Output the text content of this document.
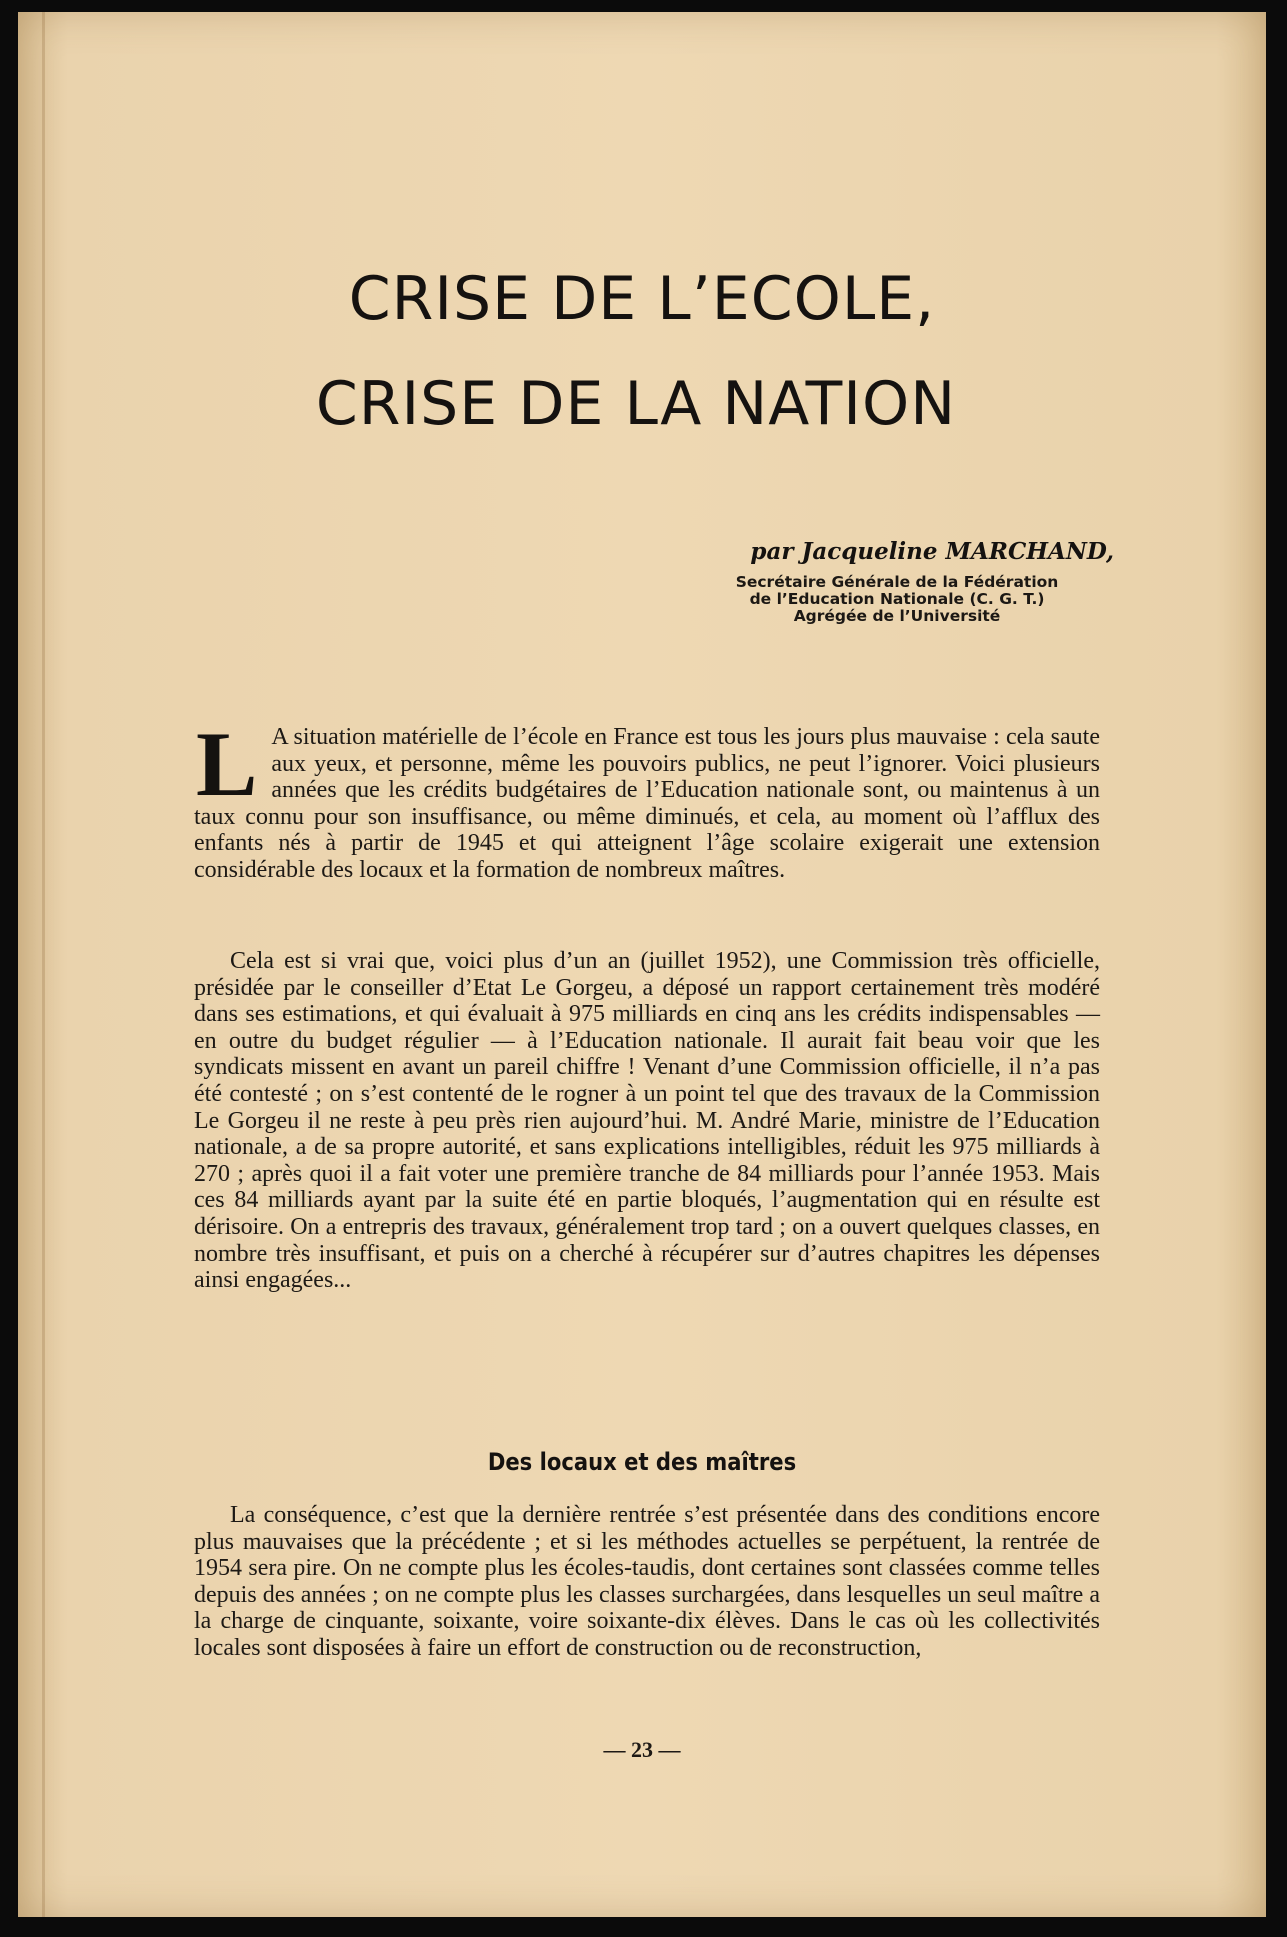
CRISE DE L’ECOLE,
CRISE DE LA NATION
par Jacqueline MARCHAND,
Secrétaire Générale de la Fédération
de l’Education Nationale (C. G. T.)
Agrégée de l’Université
L A situation matérielle de l’école en France est tous les jours plus mauvaise : cela saute aux yeux, et personne, même les pouvoirs publics, ne peut l’ignorer. Voici plusieurs années que les crédits budgétaires de l’Education nationale sont, ou maintenus à un taux connu pour son insuffisance, ou même diminués, et cela, au moment où l’afflux des enfants nés à partir de 1945 et qui atteignent l’âge scolaire exigerait une extension considérable des locaux et la formation de nombreux maîtres.
Cela est si vrai que, voici plus d’un an (juillet 1952), une Commission très officielle, présidée par le conseiller d’Etat Le Gorgeu, a déposé un rapport certainement très modéré dans ses estimations, et qui évaluait à 975 milliards en cinq ans les crédits indispensables — en outre du budget régulier — à l’Education nationale. Il aurait fait beau voir que les syndicats missent en avant un pareil chiffre ! Venant d’une Commission officielle, il n’a pas été contesté ; on s’est contenté de le rogner à un point tel que des travaux de la Commission Le Gorgeu il ne reste à peu près rien aujourd’hui. M. André Marie, ministre de l’Education nationale, a de sa propre autorité, et sans explications intelligibles, réduit les 975 milliards à 270 ; après quoi il a fait voter une première tranche de 84 milliards pour l’année 1953. Mais ces 84 milliards ayant par la suite été en partie bloqués, l’augmentation qui en résulte est dérisoire. On a entrepris des travaux, généralement trop tard ; on a ouvert quelques classes, en nombre très insuffisant, et puis on a cherché à récupérer sur d’autres chapitres les dépenses ainsi engagées...
Des locaux et des maîtres
La conséquence, c’est que la dernière rentrée s’est présentée dans des conditions encore plus mauvaises que la précédente ; et si les méthodes actuelles se perpétuent, la rentrée de 1954 sera pire. On ne compte plus les écoles-taudis, dont certaines sont classées comme telles depuis des années ; on ne compte plus les classes surchargées, dans lesquelles un seul maître a la charge de cinquante, soixante, voire soixante-dix élèves. Dans le cas où les collectivités locales sont disposées à faire un effort de construction ou de reconstruction,
— 23 —
